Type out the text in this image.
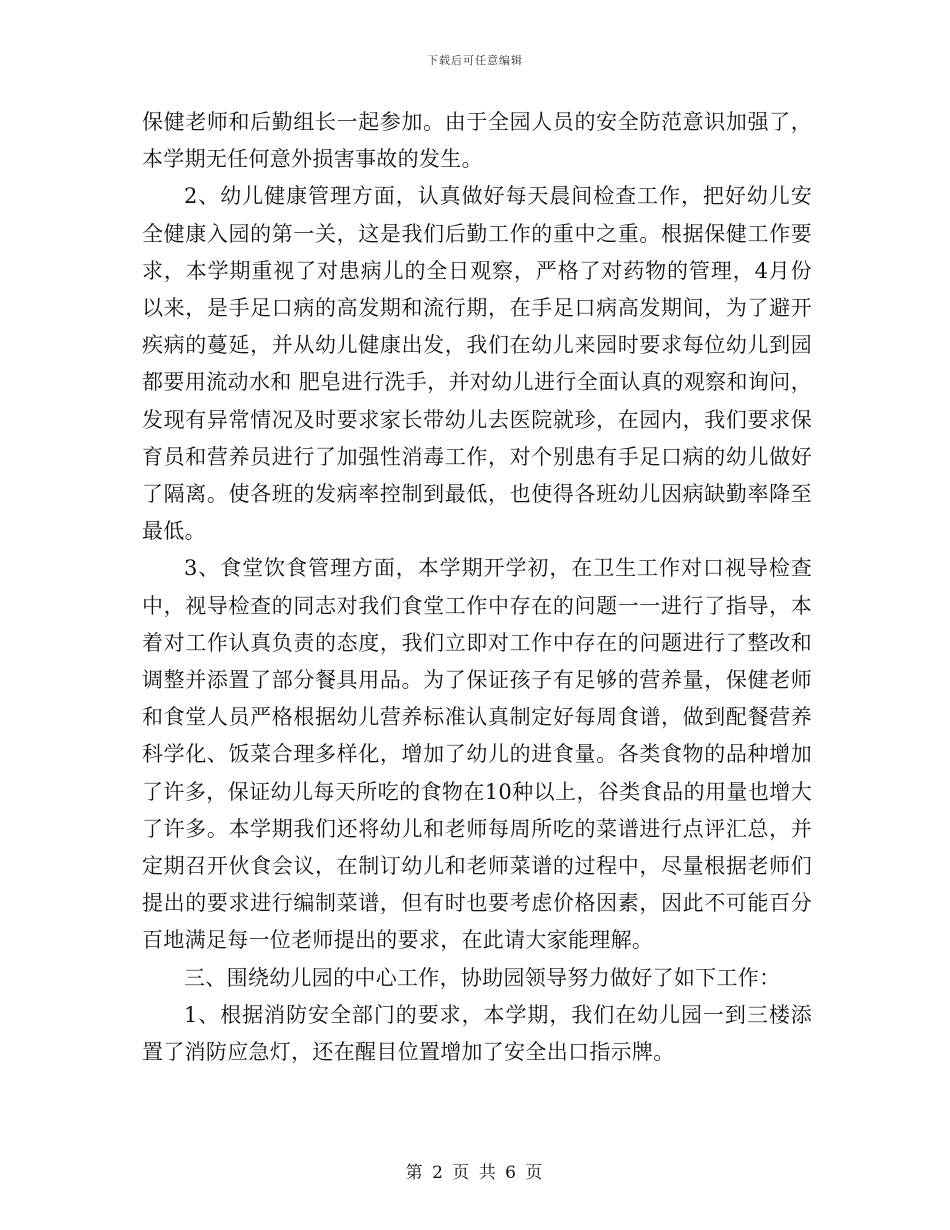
下载后可任意编辑

保健老师和后勤组长一起参加。由于全园人员的安全防范意识加强了，本学期无任何意外损害事故的发生。

2、幼儿健康管理方面，认真做好每天晨间检查工作，把好幼儿安全健康入园的第一关，这是我们后勤工作的重中之重。根据保健工作要求，本学期重视了对患病儿的全日观察，严格了对药物的管理，4月份以来，是手足口病的高发期和流行期，在手足口病高发期间，为了避开疾病的蔓延，并从幼儿健康出发，我们在幼儿来园时要求每位幼儿到园都要用流动水和 肥皂进行洗手，并对幼儿进行全面认真的观察和询问，发现有异常情况及时要求家长带幼儿去医院就珍，在园内，我们要求保育员和营养员进行了加强性消毒工作，对个别患有手足口病的幼儿做好了隔离。使各班的发病率控制到最低，也使得各班幼儿因病缺勤率降至最低。

3、食堂饮食管理方面，本学期开学初，在卫生工作对口视导检查中，视导检查的同志对我们食堂工作中存在的问题一一进行了指导，本着对工作认真负责的态度，我们立即对工作中存在的问题进行了整改和调整并添置了部分餐具用品。为了保证孩子有足够的营养量，保健老师和食堂人员严格根据幼儿营养标准认真制定好每周食谱，做到配餐营养科学化、饭菜合理多样化，增加了幼儿的进食量。各类食物的品种增加了许多，保证幼儿每天所吃的食物在10种以上，谷类食品的用量也增大了许多。本学期我们还将幼儿和老师每周所吃的菜谱进行点评汇总，并定期召开伙食会议，在制订幼儿和老师菜谱的过程中，尽量根据老师们提出的要求进行编制菜谱，但有时也要考虑价格因素，因此不可能百分百地满足每一位老师提出的要求，在此请大家能理解。

三、围绕幼儿园的中心工作，协助园领导努力做好了如下工作：

1、根据消防安全部门的要求，本学期，我们在幼儿园一到三楼添置了消防应急灯，还在醒目位置增加了安全出口指示牌。

第 2 页 共 6 页
